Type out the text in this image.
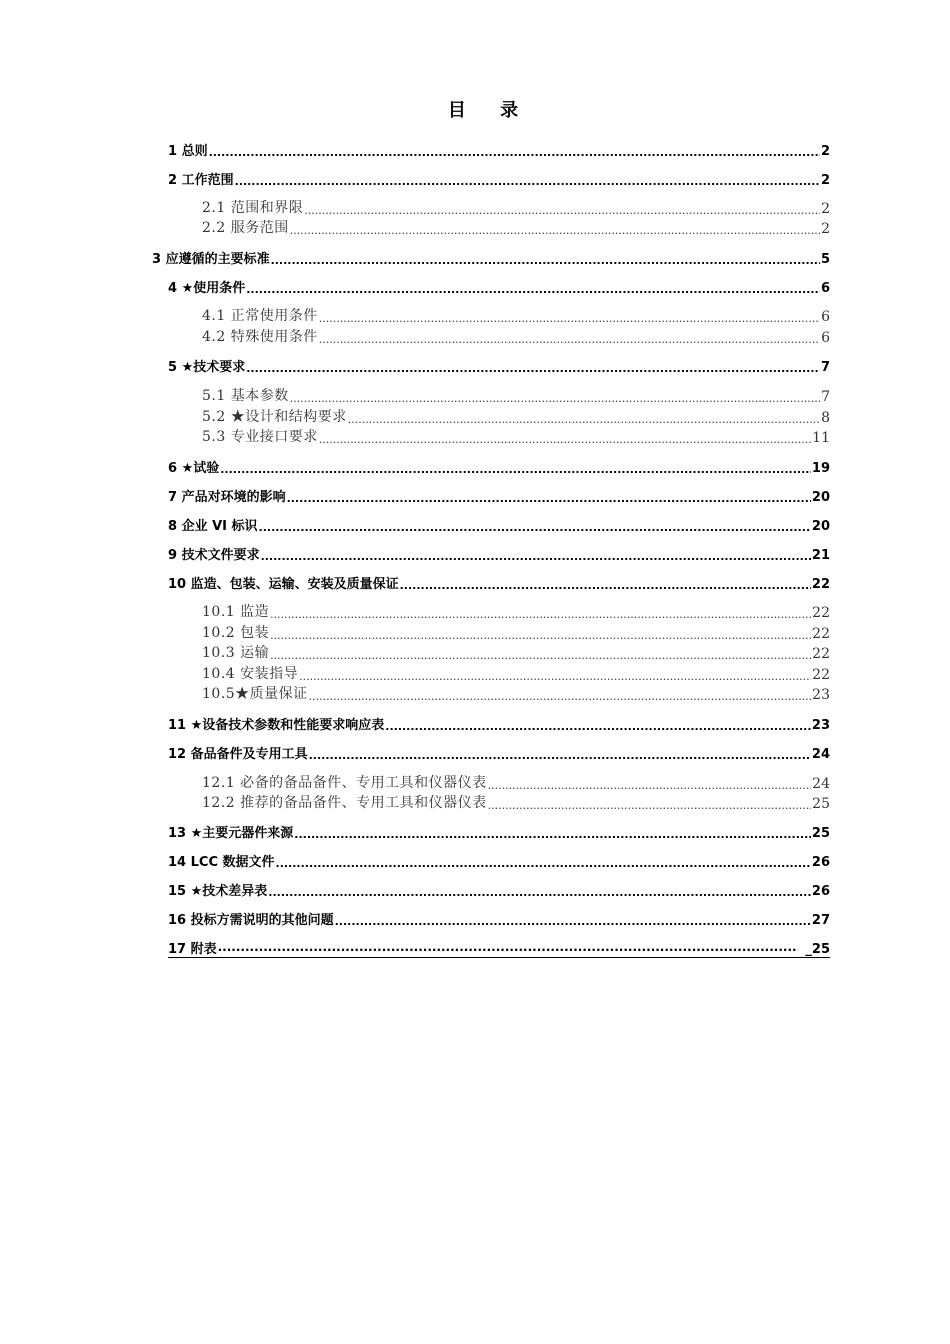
目 录
1 总则 .....	2
2 工作范围 .....	2
2.1 范围和界限 .....	2
2.2 服务范围 .....	2
3 应遵循的主要标准 .....	5
4 ★使用条件 .....	6
4.1 正常使用条件 .....	6
4.2 特殊使用条件 .....	6
5 ★技术要求 .....	7
5.1 基本参数 .....	7
5.2 ★设计和结构要求 .....	8
5.3 专业接口要求 .....	11
6 ★试验 .....	19
7 产品对环境的影响 .....	20
8 企业 VI 标识 .....	20
9 技术文件要求 .....	21
10 监造、包装、运输、安装及质量保证 .....	22
10.1 监造 .....	22
10.2 包装 .....	22
10.3 运输 .....	22
10.4 安装指导 .....	22
10.5★质量保证 .....	23
11 ★设备技术参数和性能要求响应表 .....	23
12 备品备件及专用工具 .....	24
12.1 必备的备品备件、专用工具和仪器仪表 .....	24
12.2 推荐的备品备件、专用工具和仪器仪表 .....	25
13 ★主要元器件来源 .....	25
14 LCC 数据文件 .....	26
15 ★技术差异表 .....	26
16 投标方需说明的其他问题 .....	27
17 附表 ·····	_25
